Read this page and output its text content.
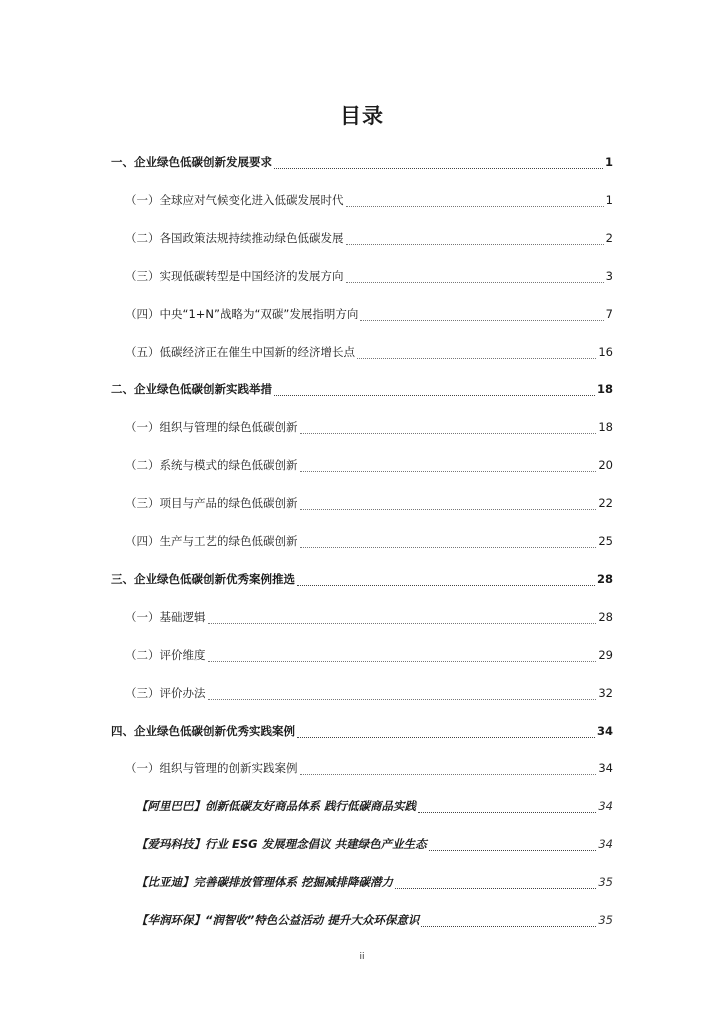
目录
一、企业绿色低碳创新发展要求	1
（一）全球应对气候变化进入低碳发展时代	1
（二）各国政策法规持续推动绿色低碳发展	2
（三）实现低碳转型是中国经济的发展方向	3
（四）中央“1+N”战略为“双碳”发展指明方向	7
（五）低碳经济正在催生中国新的经济增长点	16
二、企业绿色低碳创新实践举措	18
（一）组织与管理的绿色低碳创新	18
（二）系统与模式的绿色低碳创新	20
（三）项目与产品的绿色低碳创新	22
（四）生产与工艺的绿色低碳创新	25
三、企业绿色低碳创新优秀案例推选	28
（一）基础逻辑	28
（二）评价维度	29
（三）评价办法	32
四、企业绿色低碳创新优秀实践案例	34
（一）组织与管理的创新实践案例	34
【阿里巴巴】创新低碳友好商品体系 践行低碳商品实践	34
【爱玛科技】行业 ESG 发展理念倡议 共建绿色产业生态	34
【比亚迪】完善碳排放管理体系 挖掘减排降碳潜力	35
【华润环保】“润智收”特色公益活动 提升大众环保意识	35
ii
